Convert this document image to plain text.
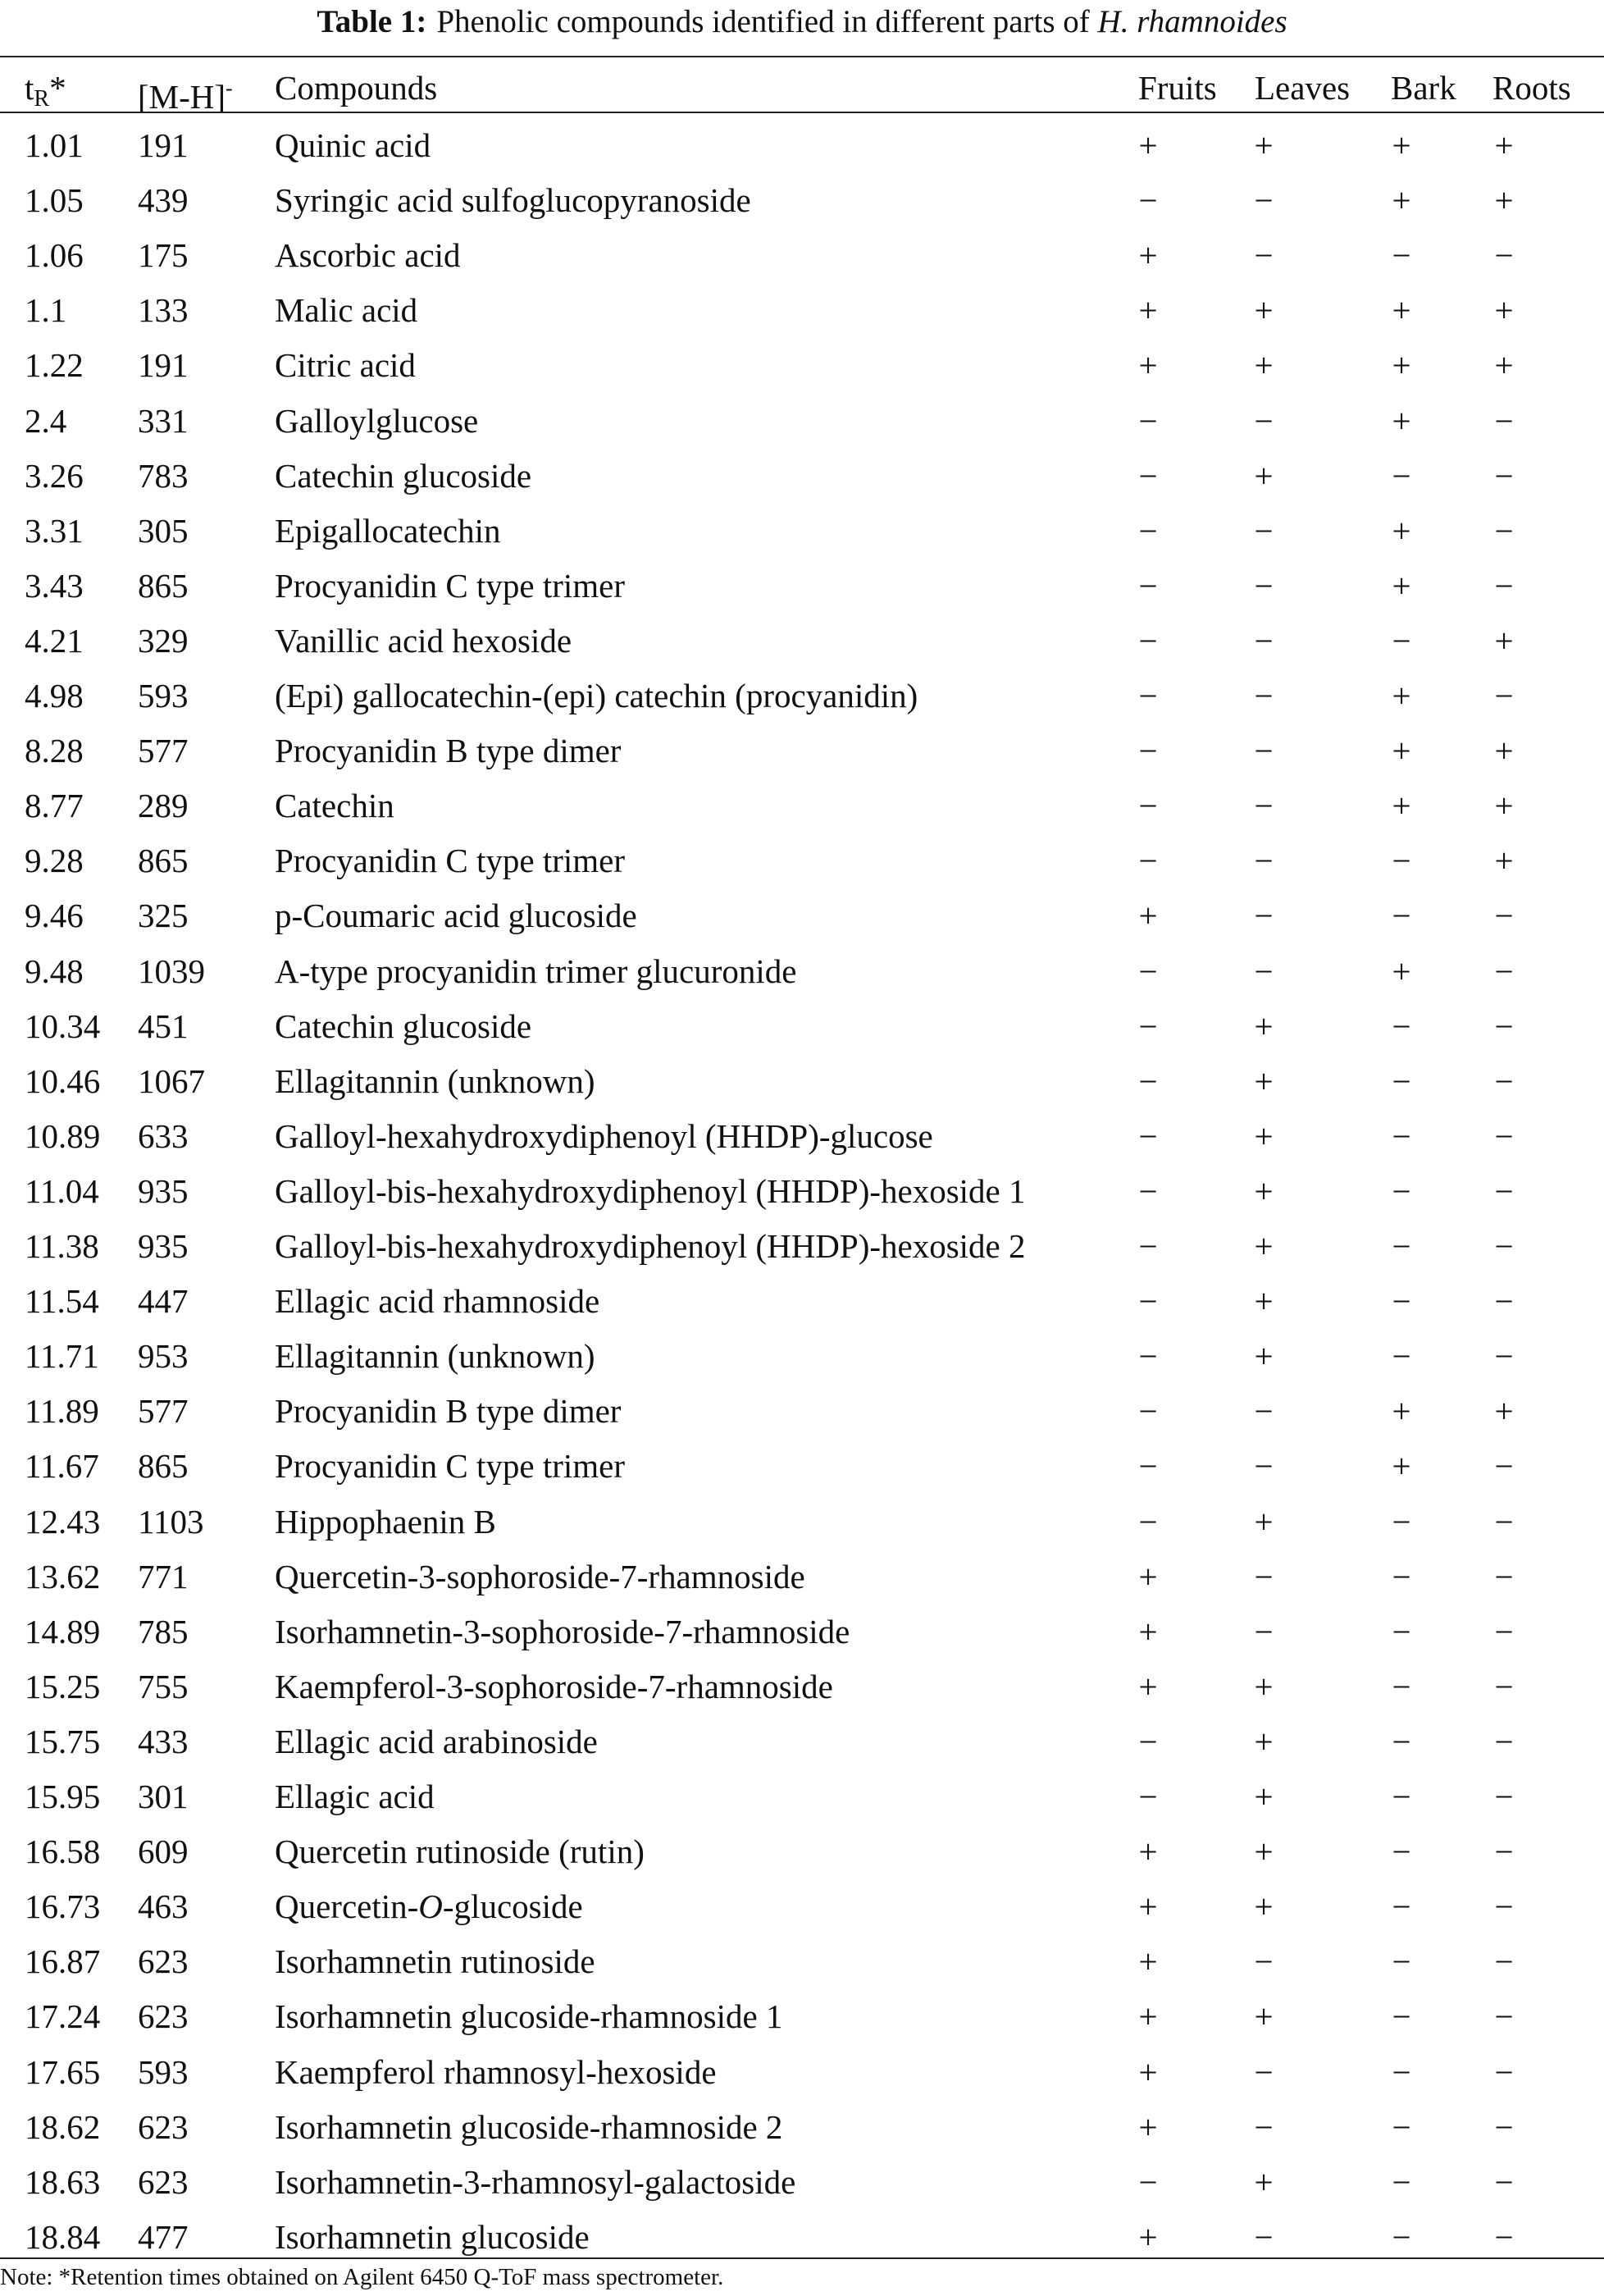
Table 1: Phenolic compounds identified in different parts of H. rhamnoides
$t_R*$ [M-H]- Compounds	Fruits Leaves Bark Roots
1.01 191	Quinic acid	+	+	+ +
1.05 439	Syringic acid sulfoglucopyranoside	−	−	+ +
1.06 175	Ascorbic acid	+	−	− −
1.1 133	Malic acid	+	+	+ +
1.22 191	Citric acid	+	+	+ +
2.4 331	Galloylglucose	−	−	+ −
3.26 783	Catechin glucoside	−	+	− −
3.31 305	Epigallocatechin	−	−	+ −
3.43 865	Procyanidin C type trimer	−	−	+ −
4.21 329	Vanillic acid hexoside	−	−	− +
4.98 593	(Epi) gallocatechin-(epi) catechin (procyanidin)	−	−	+ −
8.28 577	Procyanidin B type dimer	−	−	+ +
8.77 289	Catechin	−	−	+ +
9.28 865	Procyanidin C type trimer	−	−	− +
9.46 325	p-Coumaric acid glucoside	+	−	− −
9.48 1039 A-type procyanidin trimer glucuronide	−	−	+ −
10.34 451	Catechin glucoside	−	+	− −
10.46 1067 Ellagitannin (unknown)	−	+	− −
10.89 633	Galloyl-hexahydroxydiphenoyl (HHDP)-glucose	−	+	− −
11.04 935	Galloyl-bis-hexahydroxydiphenoyl (HHDP)-hexoside 1	−	+	− −
11.38 935	Galloyl-bis-hexahydroxydiphenoyl (HHDP)-hexoside 2	−	+	− −
11.54 447	Ellagic acid rhamnoside	−	+	− −
11.71 953	Ellagitannin (unknown)	−	+	− −
11.89 577	Procyanidin B type dimer	−	−	+ +
11.67 865	Procyanidin C type trimer	−	−	+ −
12.43 1103 Hippophaenin B	−	+	− −
13.62 771	Quercetin-3-sophoroside-7-rhamnoside	+	−	− −
14.89 785	Isorhamnetin-3-sophoroside-7-rhamnoside	+	−	− −
15.25 755	Kaempferol-3-sophoroside-7-rhamnoside	+	+	− −
15.75 433	Ellagic acid arabinoside	−	+	− −
15.95 301	Ellagic acid	−	+	− −
16.58 609	Quercetin rutinoside (rutin)	+	+	− −
16.73 463	Quercetin-O-glucoside	+	+	− −
16.87 623	Isorhamnetin rutinoside	+	−	− −
17.24 623	Isorhamnetin glucoside-rhamnoside 1	+	+	− −
17.65 593	Kaempferol rhamnosyl-hexoside	+	−	− −
18.62 623	Isorhamnetin glucoside-rhamnoside 2	+	−	− −
18.63 623	Isorhamnetin-3-rhamnosyl-galactoside	−	+	− −
18.84 477	Isorhamnetin glucoside	+	−	− −
Note: *Retention times obtained on Agilent 6450 Q-ToF mass spectrometer.
